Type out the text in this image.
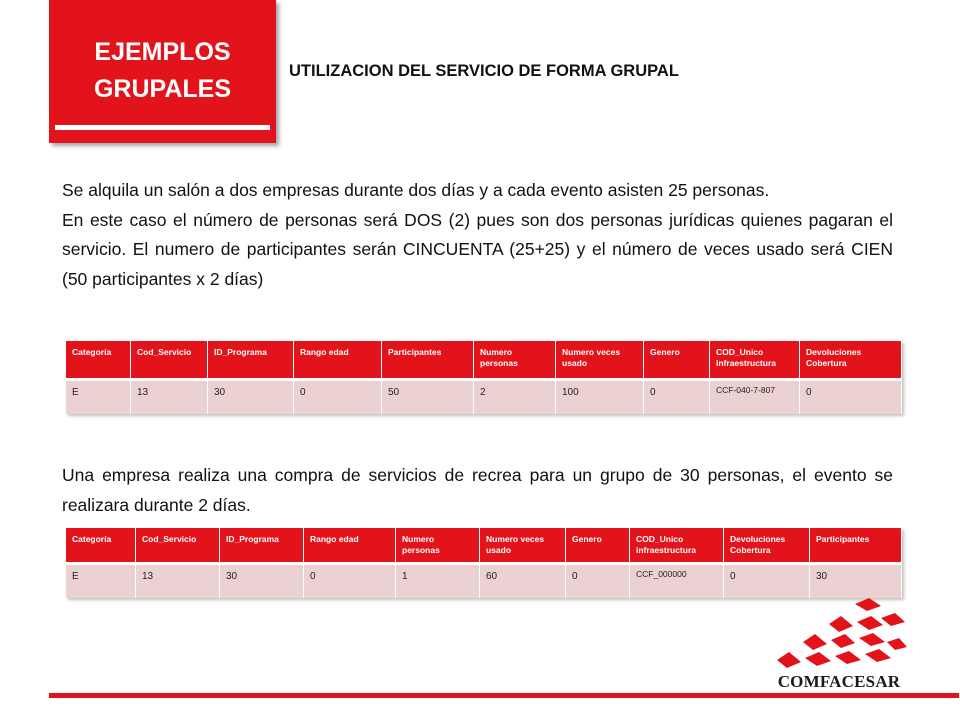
EJEMPLOS
GRUPALES
UTILIZACION DEL SERVICIO DE FORMA GRUPAL
Se alquila un salón a dos empresas durante dos días y a cada evento asisten 25 personas.
En este caso el número de personas será DOS (2) pues son dos personas jurídicas quienes pagaran el servicio. El numero de participantes serán CINCUENTA (25+25) y el número de veces usado será CIEN (50 participantes x 2 días)
Categoría	Cod_Servicio	ID_Programa	Rango edad	Participantes	Numero personas	Numero veces usado	Genero	COD_Unico infraestructura	Devoluciones Cobertura
E	13	30	0	50	2	100	0	CCF-040-7-807	0
Una empresa realiza una compra de servicios de recrea para un grupo de 30 personas, el evento se realizara durante 2 días.
Categoría	Cod_Servicio	ID_Programa	Rango edad	Numero personas	Numero veces usado	Genero	COD_Unico infraestructura	Devoluciones Cobertura	Participantes
E	13	30	0	1	60	0	CCF_000000	0	30
COMFACESAR
